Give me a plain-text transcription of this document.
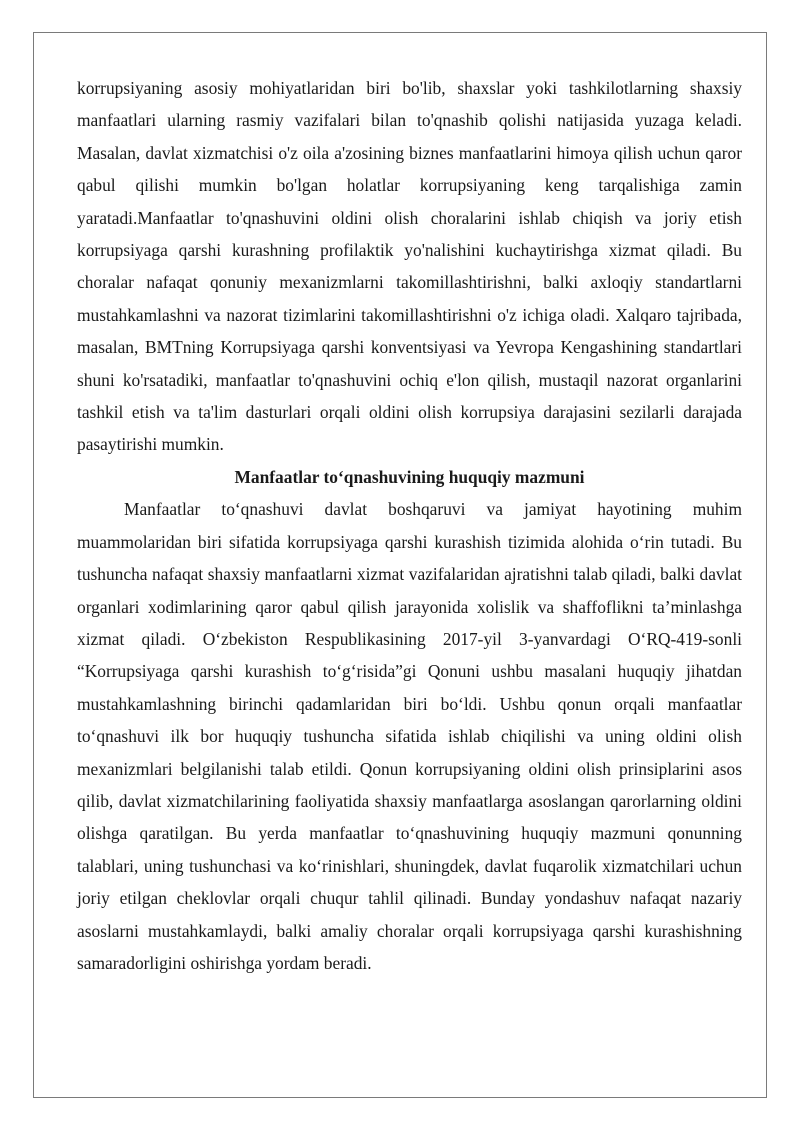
korrupsiyaning asosiy mohiyatlaridan biri bo'lib, shaxslar yoki tashkilotlarning shaxsiy manfaatlari ularning rasmiy vazifalari bilan to'qnashib qolishi natijasida yuzaga keladi. Masalan, davlat xizmatchisi o'z oila a'zosining biznes manfaatlarini himoya qilish uchun qaror qabul qilishi mumkin bo'lgan holatlar korrupsiyaning keng tarqalishiga zamin yaratadi.Manfaatlar to'qnashuvini oldini olish choralarini ishlab chiqish va joriy etish korrupsiyaga qarshi kurashning profilaktik yo'nalishini kuchaytirishga xizmat qiladi. Bu choralar nafaqat qonuniy mexanizmlarni takomillashtirishni, balki axloqiy standartlarni mustahkamlashni va nazorat tizimlarini takomillashtirishni o'z ichiga oladi. Xalqaro tajribada, masalan, BMTning Korrupsiyaga qarshi konventsiyasi va Yevropa Kengashining standartlari shuni ko'rsatadiki, manfaatlar to'qnashuvini ochiq e'lon qilish, mustaqil nazorat organlarini tashkil etish va ta'lim dasturlari orqali oldini olish korrupsiya darajasini sezilarli darajada pasaytirishi mumkin.

Manfaatlar to‘qnashuvining huquqiy mazmuni

Manfaatlar to‘qnashuvi davlat boshqaruvi va jamiyat hayotining muhim muammolaridan biri sifatida korrupsiyaga qarshi kurashish tizimida alohida o‘rin tutadi. Bu tushuncha nafaqat shaxsiy manfaatlarni xizmat vazifalaridan ajratishni talab qiladi, balki davlat organlari xodimlarining qaror qabul qilish jarayonida xolislik va shaffoflikni ta’minlashga xizmat qiladi. O‘zbekiston Respublikasining 2017-yil 3-yanvardagi O‘RQ-419-sonli “Korrupsiyaga qarshi kurashish to‘g‘risida”gi Qonuni ushbu masalani huquqiy jihatdan mustahkamlashning birinchi qadamlaridan biri bo‘ldi. Ushbu qonun orqali manfaatlar to‘qnashuvi ilk bor huquqiy tushuncha sifatida ishlab chiqilishi va uning oldini olish mexanizmlari belgilanishi talab etildi. Qonun korrupsiyaning oldini olish prinsiplarini asos qilib, davlat xizmatchilarining faoliyatida shaxsiy manfaatlarga asoslangan qarorlarning oldini olishga qaratilgan. Bu yerda manfaatlar to‘qnashuvining huquqiy mazmuni qonunning talablari, uning tushunchasi va ko‘rinishlari, shuningdek, davlat fuqarolik xizmatchilari uchun joriy etilgan cheklovlar orqali chuqur tahlil qilinadi. Bunday yondashuv nafaqat nazariy asoslarni mustahkamlaydi, balki amaliy choralar orqali korrupsiyaga qarshi kurashishning samaradorligini oshirishga yordam beradi.
